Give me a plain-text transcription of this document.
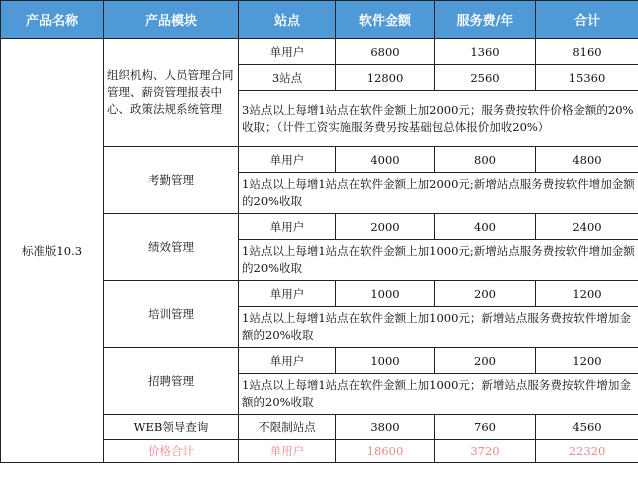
产品名称	产品模块	站点	软件金额	服务费/年	合计
标准版10.3	组织机构、人员管理合同管理、薪资管理报表中心、政策法规系统管理	单用户	6800	1360	8160
		3站点	12800	2560	15360
		3站点以上每增1站点在软件金额上加2000元；服务费按软件价格金额的20%收取；（计件工资实施服务费另按基础包总体报价加收20%）			
	考勤管理	单用户	4000	800	4800
		1站点以上每增1站点在软件金额上加2000元;新增站点服务费按软件增加金额的20%收取			
	绩效管理	单用户	2000	400	2400
		1站点以上每增1站点在软件金额上加1000元;新增站点服务费按软件增加金额的20%收取			
	培训管理	单用户	1000	200	1200
		1站点以上每增1站点在软件金额上加1000元；新增站点服务费按软件增加金额的20%收取			
	招聘管理	单用户	1000	200	1200
		1站点以上每增1站点在软件金额上加1000元；新增站点服务费按软件增加金额的20%收取			
	WEB领导查询	不限制站点	3800	760	4560
	价格合计	单用户	18600	3720	22320
